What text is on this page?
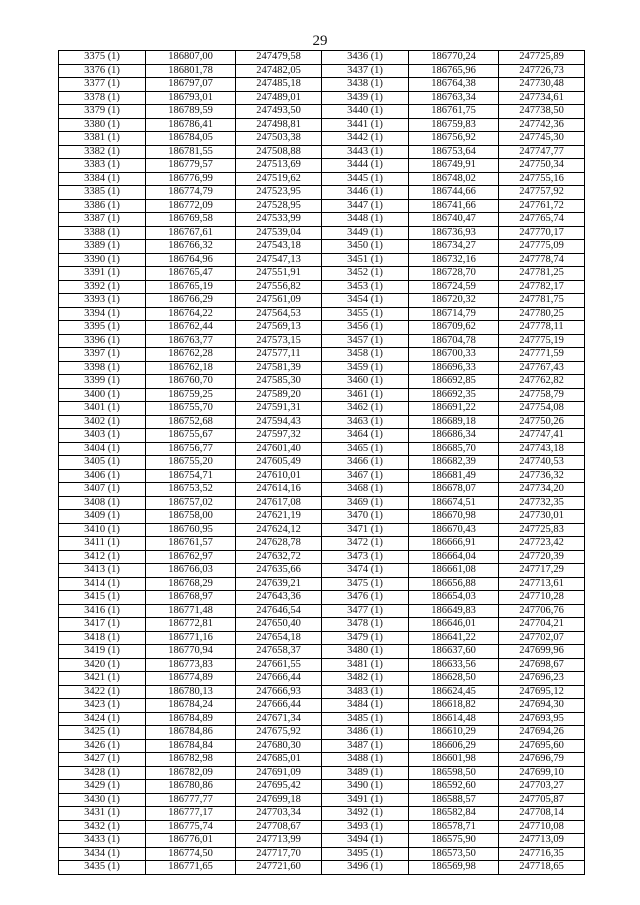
29
3375 (1)	186807,00	247479,58	3436 (1)	186770,24	247725,89
3376 (1)	186801,78	247482,05	3437 (1)	186765,96	247726,73
3377 (1)	186797,07	247485,18	3438 (1)	186764,38	247730,48
3378 (1)	186793,01	247489,01	3439 (1)	186763,34	247734,61
3379 (1)	186789,59	247493,50	3440 (1)	186761,75	247738,50
3380 (1)	186786,41	247498,81	3441 (1)	186759,83	247742,36
3381 (1)	186784,05	247503,38	3442 (1)	186756,92	247745,30
3382 (1)	186781,55	247508,88	3443 (1)	186753,64	247747,77
3383 (1)	186779,57	247513,69	3444 (1)	186749,91	247750,34
3384 (1)	186776,99	247519,62	3445 (1)	186748,02	247755,16
3385 (1)	186774,79	247523,95	3446 (1)	186744,66	247757,92
3386 (1)	186772,09	247528,95	3447 (1)	186741,66	247761,72
3387 (1)	186769,58	247533,99	3448 (1)	186740,47	247765,74
3388 (1)	186767,61	247539,04	3449 (1)	186736,93	247770,17
3389 (1)	186766,32	247543,18	3450 (1)	186734,27	247775,09
3390 (1)	186764,96	247547,13	3451 (1)	186732,16	247778,74
3391 (1)	186765,47	247551,91	3452 (1)	186728,70	247781,25
3392 (1)	186765,19	247556,82	3453 (1)	186724,59	247782,17
3393 (1)	186766,29	247561,09	3454 (1)	186720,32	247781,75
3394 (1)	186764,22	247564,53	3455 (1)	186714,79	247780,25
3395 (1)	186762,44	247569,13	3456 (1)	186709,62	247778,11
3396 (1)	186763,77	247573,15	3457 (1)	186704,78	247775,19
3397 (1)	186762,28	247577,11	3458 (1)	186700,33	247771,59
3398 (1)	186762,18	247581,39	3459 (1)	186696,33	247767,43
3399 (1)	186760,70	247585,30	3460 (1)	186692,85	247762,82
3400 (1)	186759,25	247589,20	3461 (1)	186692,35	247758,79
3401 (1)	186755,70	247591,31	3462 (1)	186691,22	247754,08
3402 (1)	186752,68	247594,43	3463 (1)	186689,18	247750,26
3403 (1)	186755,67	247597,32	3464 (1)	186686,34	247747,41
3404 (1)	186756,77	247601,40	3465 (1)	186685,70	247743,18
3405 (1)	186755,20	247605,49	3466 (1)	186682,39	247740,53
3406 (1)	186754,71	247610,01	3467 (1)	186681,49	247736,32
3407 (1)	186753,52	247614,16	3468 (1)	186678,07	247734,20
3408 (1)	186757,02	247617,08	3469 (1)	186674,51	247732,35
3409 (1)	186758,00	247621,19	3470 (1)	186670,98	247730,01
3410 (1)	186760,95	247624,12	3471 (1)	186670,43	247725,83
3411 (1)	186761,57	247628,78	3472 (1)	186666,91	247723,42
3412 (1)	186762,97	247632,72	3473 (1)	186664,04	247720,39
3413 (1)	186766,03	247635,66	3474 (1)	186661,08	247717,29
3414 (1)	186768,29	247639,21	3475 (1)	186656,88	247713,61
3415 (1)	186768,97	247643,36	3476 (1)	186654,03	247710,28
3416 (1)	186771,48	247646,54	3477 (1)	186649,83	247706,76
3417 (1)	186772,81	247650,40	3478 (1)	186646,01	247704,21
3418 (1)	186771,16	247654,18	3479 (1)	186641,22	247702,07
3419 (1)	186770,94	247658,37	3480 (1)	186637,60	247699,96
3420 (1)	186773,83	247661,55	3481 (1)	186633,56	247698,67
3421 (1)	186774,89	247666,44	3482 (1)	186628,50	247696,23
3422 (1)	186780,13	247666,93	3483 (1)	186624,45	247695,12
3423 (1)	186784,24	247666,44	3484 (1)	186618,82	247694,30
3424 (1)	186784,89	247671,34	3485 (1)	186614,48	247693,95
3425 (1)	186784,86	247675,92	3486 (1)	186610,29	247694,26
3426 (1)	186784,84	247680,30	3487 (1)	186606,29	247695,60
3427 (1)	186782,98	247685,01	3488 (1)	186601,98	247696,79
3428 (1)	186782,09	247691,09	3489 (1)	186598,50	247699,10
3429 (1)	186780,86	247695,42	3490 (1)	186592,60	247703,27
3430 (1)	186777,77	247699,18	3491 (1)	186588,57	247705,87
3431 (1)	186777,17	247703,34	3492 (1)	186582,84	247708,14
3432 (1)	186775,74	247708,67	3493 (1)	186578,71	247710,08
3433 (1)	186776,01	247713,99	3494 (1)	186575,90	247713,09
3434 (1)	186774,50	247717,70	3495 (1)	186573,50	247716,35
3435 (1)	186771,65	247721,60	3496 (1)	186569,98	247718,65
